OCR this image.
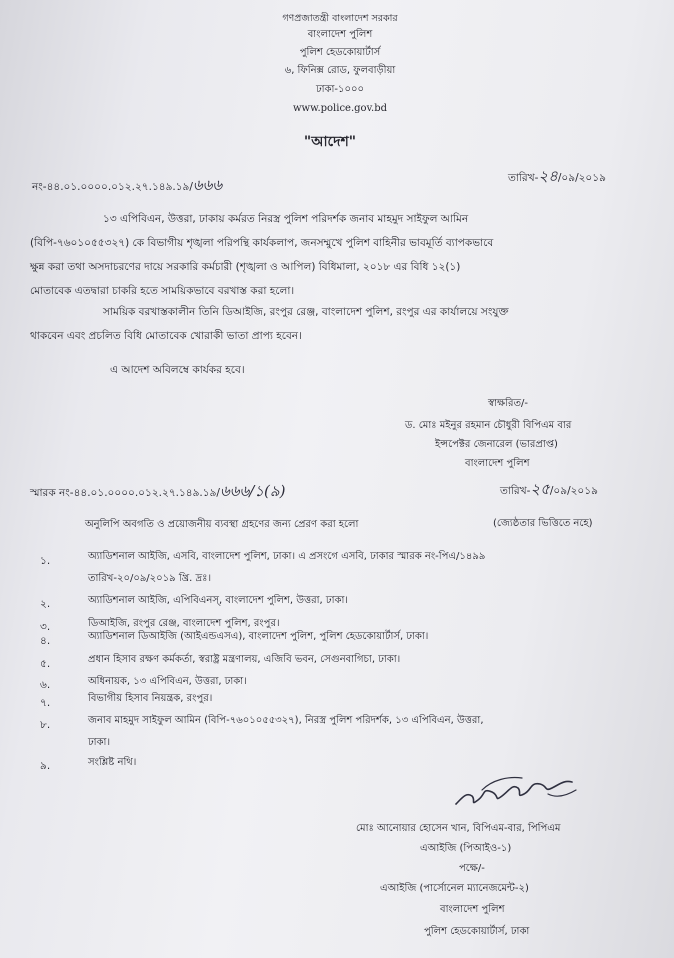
গণপ্রজাতন্ত্রী বাংলাদেশ সরকার
বাংলাদেশ পুলিশ
পুলিশ হেডকোয়ার্টার্স
৬, ফিনিক্স রোড, ফুলবাড়ীয়া
ঢাকা-১০০০
www.police.gov.bd
"আদেশ"
নং-৪৪.০১.০০০০.০১২.২৭.১৪৯.১৯/৬৬৬	তারিখ-২৪/০৯/২০১৯
১৩ এপিবিএন, উত্তরা, ঢাকায় কর্মরত নিরস্ত্র পুলিশ পরিদর্শক জনাব মাহমুদ সাইফুল আমিন
(বিপি-৭৬০১০৫৫৩২৭) কে বিভাগীয় শৃঙ্খলা পরিপন্থি কার্যকলাপ, জনসম্মুখে পুলিশ বাহিনীর ভাবমূর্তি ব্যাপকভাবে
ক্ষুন্ন করা তথা অসদাচরণের দায়ে সরকারি কর্মচারী (শৃঙ্খলা ও আপিল) বিধিমালা, ২০১৮ এর বিধি ১২(১)
মোতাবেক এতদ্বারা চাকরি হতে সাময়িকভাবে বরখাস্ত করা হলো।
সাময়িক বরখাস্তকালীন তিনি ডিআইজি, রংপুর রেঞ্জ, বাংলাদেশ পুলিশ, রংপুর এর কার্যালয়ে সংযুক্ত
থাকবেন এবং প্রচলিত বিধি মোতাবেক খোরাকী ভাতা প্রাপ্য হবেন।
এ আদেশ অবিলম্বে কার্যকর হবে।
স্বাক্ষরিত/-
ড. মোঃ মইনুর রহমান চৌধুরী বিপিএম বার
ইন্সপেক্টর জেনারেল (ভারপ্রাপ্ত)
বাংলাদেশ পুলিশ
স্মারক নং-৪৪.০১.০০০০.০১২.২৭.১৪৯.১৯/৬৬৬/১(৯)	তারিখ-২৫/০৯/২০১৯
অনুলিপি অবগতি ও প্রয়োজনীয় ব্যবস্থা গ্রহণের জন্য প্রেরণ করা হলো	(জ্যেষ্ঠতার ভিত্তিতে নহে)
১.	অ্যাডিশনাল আইজি, এসবি, বাংলাদেশ পুলিশ, ঢাকা। এ প্রসংগে এসবি, ঢাকার স্মারক নং-পিএ/১৪৯৯
তারিখ-২০/০৯/২০১৯ খ্রি. দ্রঃ।
২.	অ্যাডিশনাল আইজি, এপিবিএনস্, বাংলাদেশ পুলিশ, উত্তরা, ঢাকা।
৩.	ডিআইজি, রংপুর রেঞ্জ, বাংলাদেশ পুলিশ, রংপুর।
৪.	অ্যাডিশনাল ডিআইজি (আইএন্ডএসএ), বাংলাদেশ পুলিশ, পুলিশ হেডকোয়ার্টার্স, ঢাকা।
৫.	প্রধান হিসাব রক্ষণ কর্মকর্তা, স্বরাষ্ট্র মন্ত্রণালয়, এজিবি ভবন, সেগুনবাগিচা, ঢাকা।
৬.	অধিনায়ক, ১৩ এপিবিএন, উত্তরা, ঢাকা।
৭.	বিভাগীয় হিসাব নিয়ন্ত্রক, রংপুর।
৮.	জনাব মাহমুদ সাইফুল আমিন (বিপি-৭৬০১০৫৫৩২৭), নিরস্ত্র পুলিশ পরিদর্শক, ১৩ এপিবিএন, উত্তরা,
ঢাকা।
৯.	সংশ্লিষ্ট নথি।
মোঃ আনোয়ার হোসেন খান, বিপিএম-বার, পিপিএম
এআইজি (পিআইও-১)
পক্ষে/-
এআইজি (পার্সোনেল ম্যানেজমেন্ট-২)
বাংলাদেশ পুলিশ
পুলিশ হেডকোয়ার্টার্স, ঢাকা
